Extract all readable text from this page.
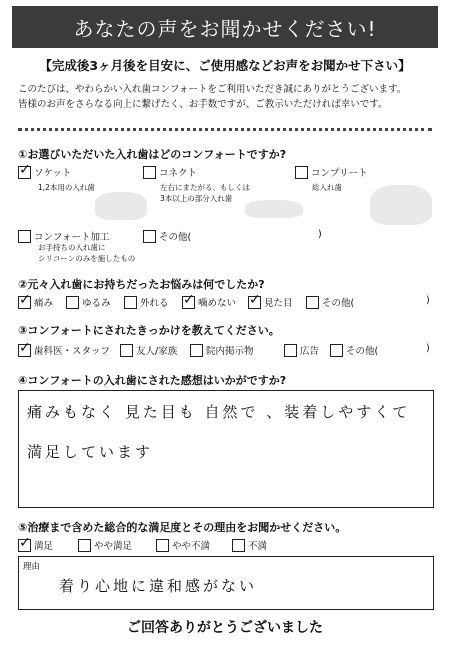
あなたの声をお聞かせください!
【完成後3ヶ月後を目安に、ご使用感などお声をお聞かせ下さい】
このたびは、やわらかい入れ歯コンフォートをご利用いただき誠にありがとうございます。
皆様のお声をさらなる向上に繋げたく、お手数ですが、ご教示いただければ幸いです。
①お選びいただいた入れ歯はどのコンフォートですか?
✓
ソケット
1,2本用の入れ歯
コネクト
左右にまたがる、もしくは
3本以上の部分入れ歯
コンプリート
総入れ歯
コンフォート加工
お手持ちの入れ歯に
シリコーンのみを施したもの
その他(	)
②元々入れ歯にお持ちだったお悩みは何でしたか?
✓
痛み	ゆるみ	外れる ✓	噛めない ✓	見た目	その他(	)
③コンフォートにされたきっかけを教えてください。
✓
歯科医・スタッフ	友人/家族	院内掲示物	広告	その他(	)
④コンフォートの入れ歯にされた感想はいかがですか?
痛みもなく 見た目も 自然で 、装着しやすくて
満足しています
⑤治療まで含めた総合的な満足度とその理由をお聞かせください。
✓
満足	やや満足	やや不満	不満
理由
着り心地に違和感がない
ご回答ありがとうございました
